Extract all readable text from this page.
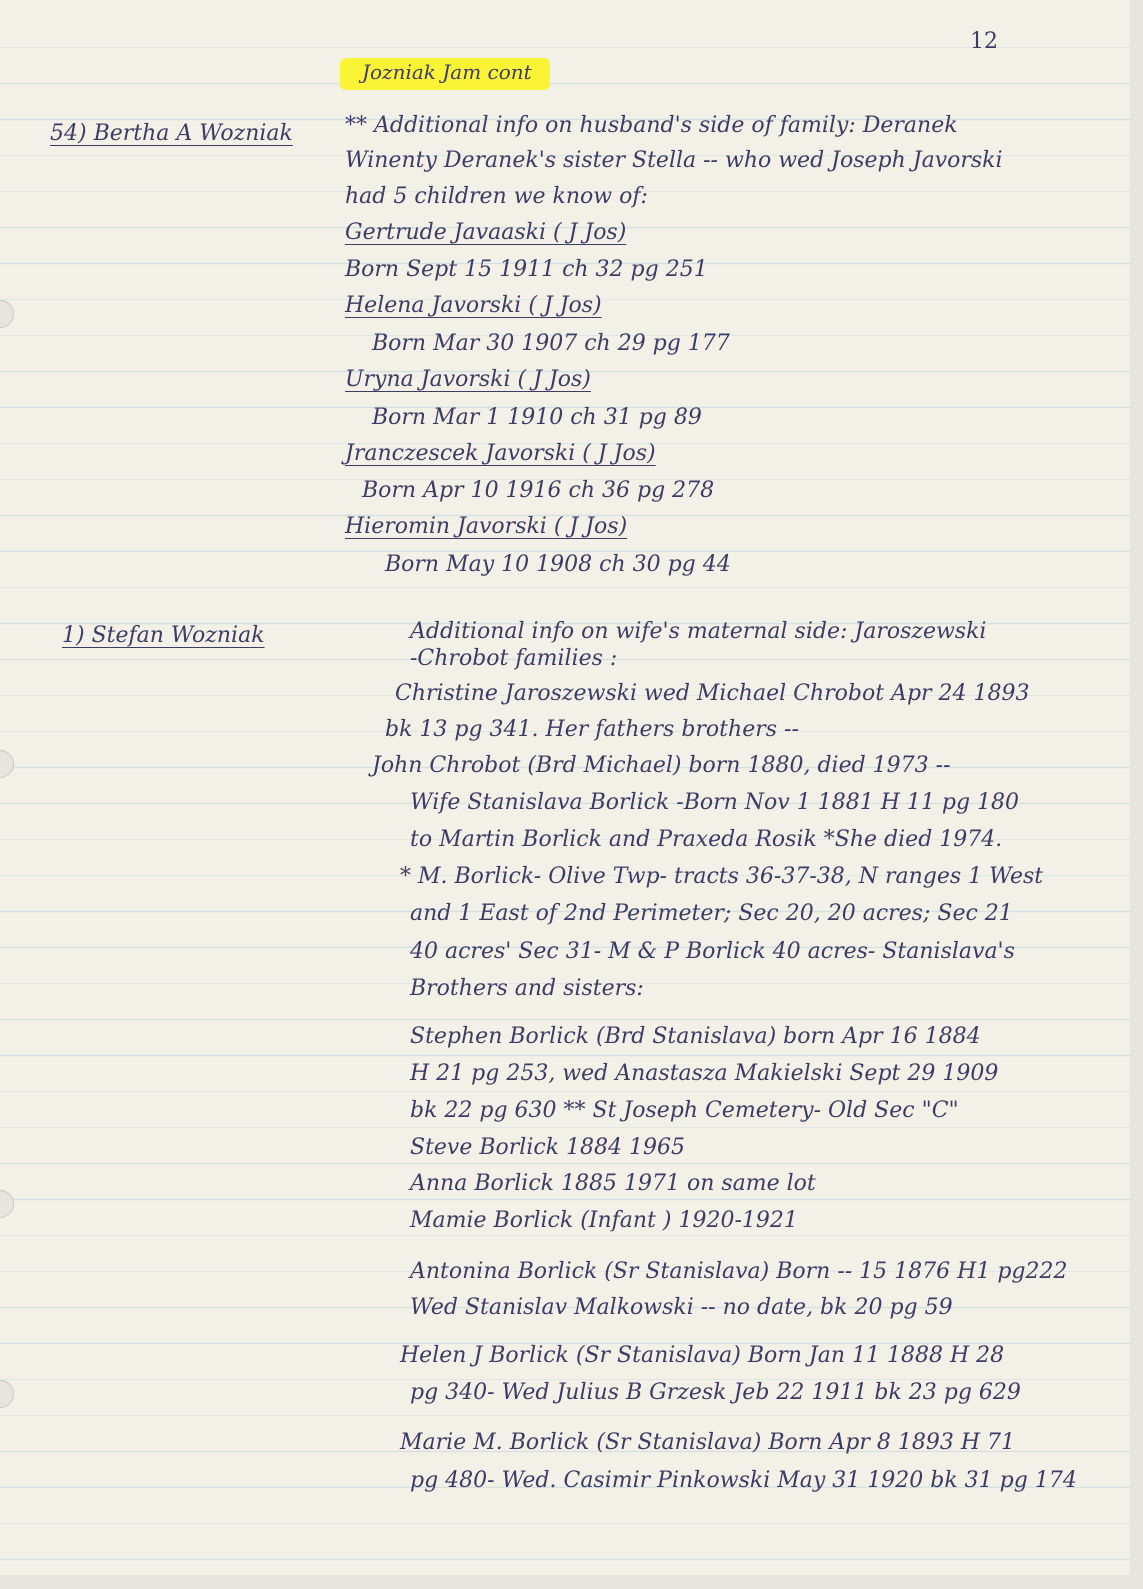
12
Jozniak Jam cont
54) Bertha A Wozniak ** Additional info on husband's side of family: Deranek
Winenty Deranek's sister Stella -- who wed Joseph Javorski
had 5 children we know of:
Gertrude Javaaski ( J Jos)
Born Sept 15 1911 ch 32 pg 251
Helena Javorski ( J Jos)
Born Mar 30 1907 ch 29 pg 177
Uryna Javorski ( J Jos)
Born Mar 1 1910 ch 31 pg 89
Jranczescek Javorski ( J Jos)
Born Apr 10 1916 ch 36 pg 278
Hieromin Javorski ( J Jos)
Born May 10 1908 ch 30 pg 44
1) Stefan Wozniak	Additional info on wife's maternal side: Jaroszewski
-Chrobot families :
Christine Jaroszewski wed Michael Chrobot Apr 24 1893
bk 13 pg 341. Her fathers brothers --
John Chrobot (Brd Michael) born 1880, died 1973 --
Wife Stanislava Borlick -Born Nov 1 1881 H 11 pg 180
to Martin Borlick and Praxeda Rosik *She died 1974.
* M. Borlick- Olive Twp- tracts 36-37-38, N ranges 1 West
and 1 East of 2nd Perimeter; Sec 20, 20 acres; Sec 21
40 acres' Sec 31- M & P Borlick 40 acres- Stanislava's
Brothers and sisters:
Stephen Borlick (Brd Stanislava) born Apr 16 1884
H 21 pg 253, wed Anastasza Makielski Sept 29 1909
bk 22 pg 630 ** St Joseph Cemetery- Old Sec "C"
Steve Borlick 1884 1965
Anna Borlick 1885 1971 on same lot
Mamie Borlick (Infant ) 1920-1921
Antonina Borlick (Sr Stanislava) Born -- 15 1876 H1 pg222
Wed Stanislav Malkowski -- no date, bk 20 pg 59
Helen J Borlick (Sr Stanislava) Born Jan 11 1888 H 28
pg 340- Wed Julius B Grzesk Jeb 22 1911 bk 23 pg 629
Marie M. Borlick (Sr Stanislava) Born Apr 8 1893 H 71
pg 480- Wed. Casimir Pinkowski May 31 1920 bk 31 pg 174
